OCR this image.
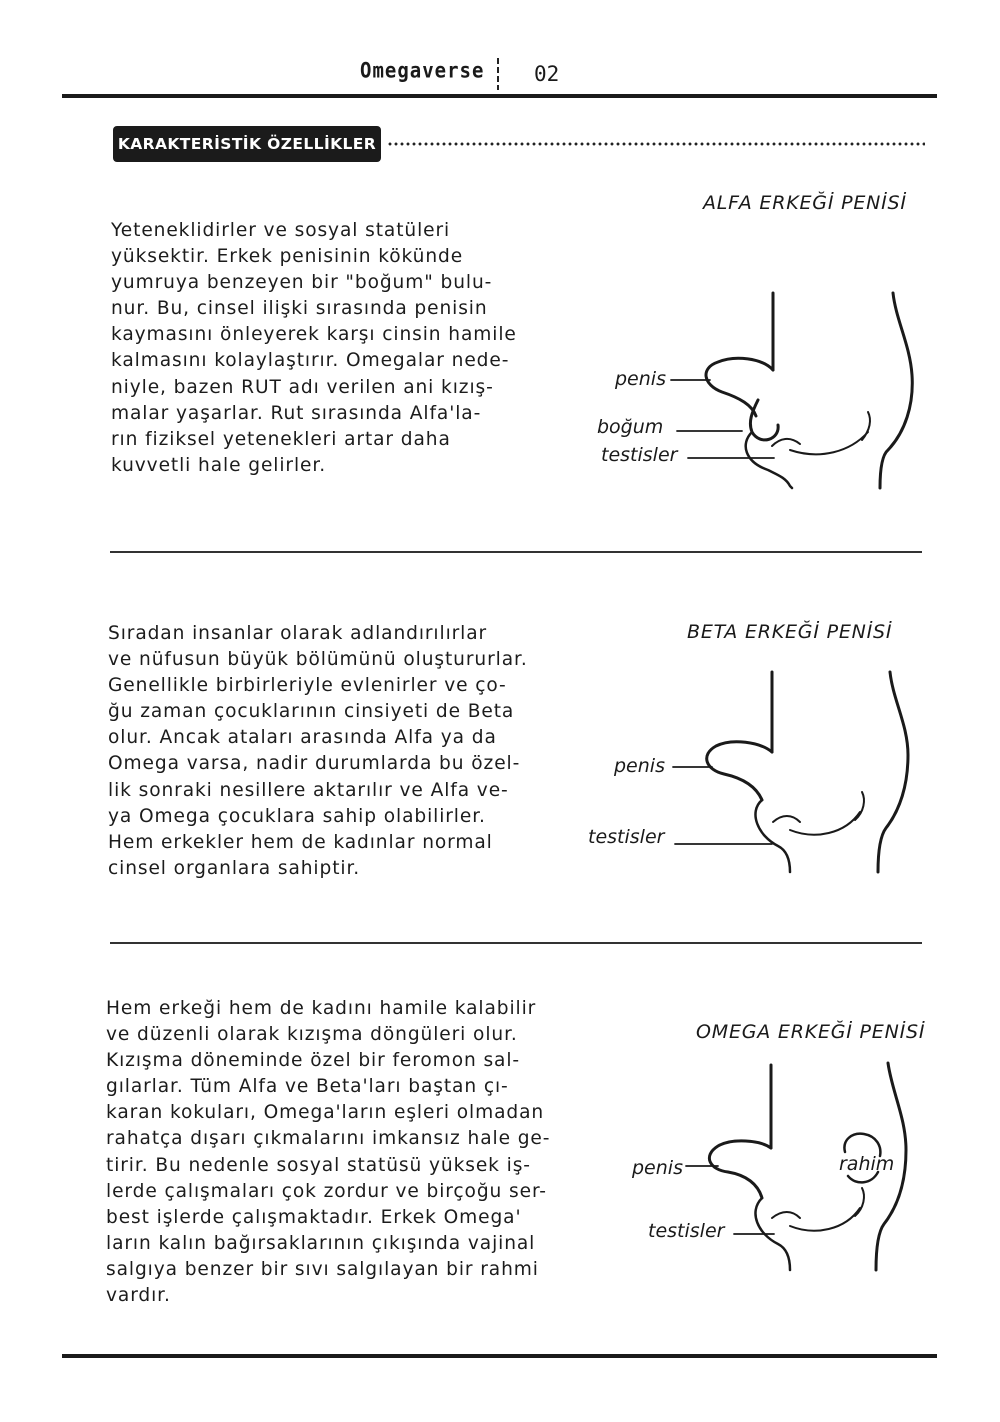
Omegaverse 02
KARAKTERİSTİK ÖZELLİKLER
ALFA ERKEĞİ PENİSİ
Yeteneklidirler ve sosyal statüleri
yüksektir. Erkek penisinin kökünde
yumruya benzeyen bir "boğum" bulu-
nur. Bu, cinsel ilişki sırasında penisin
kaymasını önleyerek karşı cinsin hamile
kalmasını kolaylaştırır. Omegalar nede-
niyle, bazen RUT adı verilen ani kızış-
malar yaşarlar. Rut sırasında Alfa'la-
rın fiziksel yetenekleri artar daha
kuvvetli hale gelirler.
penis
boğum
testisler
BETA ERKEĞİ PENİSİ
Sıradan insanlar olarak adlandırılırlar
ve nüfusun büyük bölümünü oluştururlar.
Genellikle birbirleriyle evlenirler ve ço-
ğu zaman çocuklarının cinsiyeti de Beta
olur. Ancak ataları arasında Alfa ya da
Omega varsa, nadir durumlarda bu özel-
lik sonraki nesillere aktarılır ve Alfa ve-
ya Omega çocuklara sahip olabilirler.
Hem erkekler hem de kadınlar normal
cinsel organlara sahiptir.
penis
testisler
OMEGA ERKEĞİ PENİSİ
Hem erkeği hem de kadını hamile kalabilir
ve düzenli olarak kızışma döngüleri olur.
Kızışma döneminde özel bir feromon sal-
gılarlar. Tüm Alfa ve Beta'ları baştan çı-
karan kokuları, Omega'ların eşleri olmadan
rahatça dışarı çıkmalarını imkansız hale ge-
tirir. Bu nedenle sosyal statüsü yüksek iş-
lerde çalışmaları çok zordur ve birçoğu ser-
best işlerde çalışmaktadır. Erkek Omega'
ların kalın bağırsaklarının çıkışında vajinal
salgıya benzer bir sıvı salgılayan bir rahmi
vardır.
penis	rahim
testisler
